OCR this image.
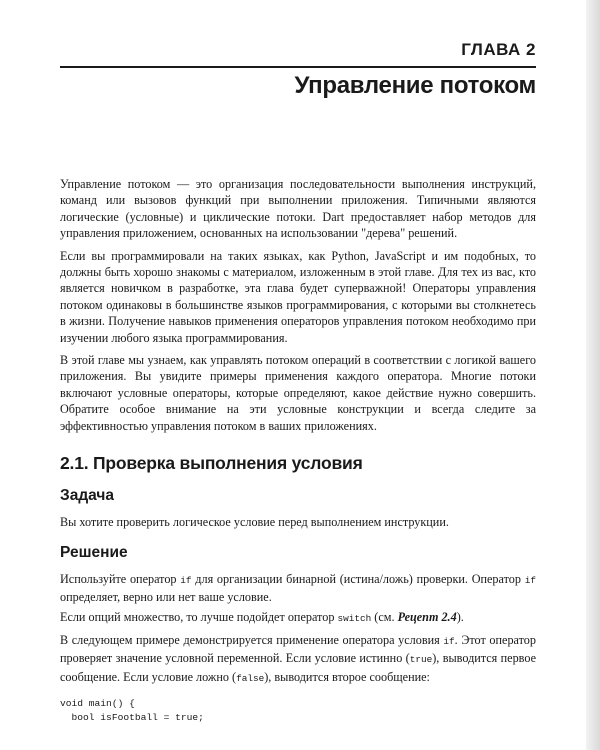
ГЛАВА 2
Управление потоком

Управление потоком — это организация последовательности выполнения инструкций, команд или вызовов функций при выполнении приложения. Типичными являются логические (условные) и циклические потоки. Dart предоставляет набор методов для управления приложением, основанных на использовании "дерева" решений.

Если вы программировали на таких языках, как Python, JavaScript и им подобных, то должны быть хорошо знакомы с материалом, изложенным в этой главе. Для тех из вас, кто является новичком в разработке, эта глава будет суперважной! Операторы управления потоком одинаковы в большинстве языков программирования, с которыми вы столкнетесь в жизни. Получение навыков применения операторов управления потоком необходимо при изучении любого языка программирования.

В этой главе мы узнаем, как управлять потоком операций в соответствии с логикой вашего приложения. Вы увидите примеры применения каждого оператора. Многие потоки включают условные операторы, которые определяют, какое действие нужно совершить. Обратите особое внимание на эти условные конструкции и всегда следите за эффективностью управления потоком в ваших приложениях.

2.1. Проверка выполнения условия
Задача

Вы хотите проверить логическое условие перед выполнением инструкции.

Решение

Используйте оператор if для организации бинарной (истина/ложь) проверки. Оператор if определяет, верно или нет ваше условие.

Если опций множество, то лучше подойдет оператор switch (см. Рецепт 2.4).

В следующем примере демонстрируется применение оператора условия if. Этот оператор проверяет значение условной переменной. Если условие истинно (true), выводится первое сообщение. Если условие ложно (false), выводится второе сообщение:

void main() {
bool isFootball = true;
